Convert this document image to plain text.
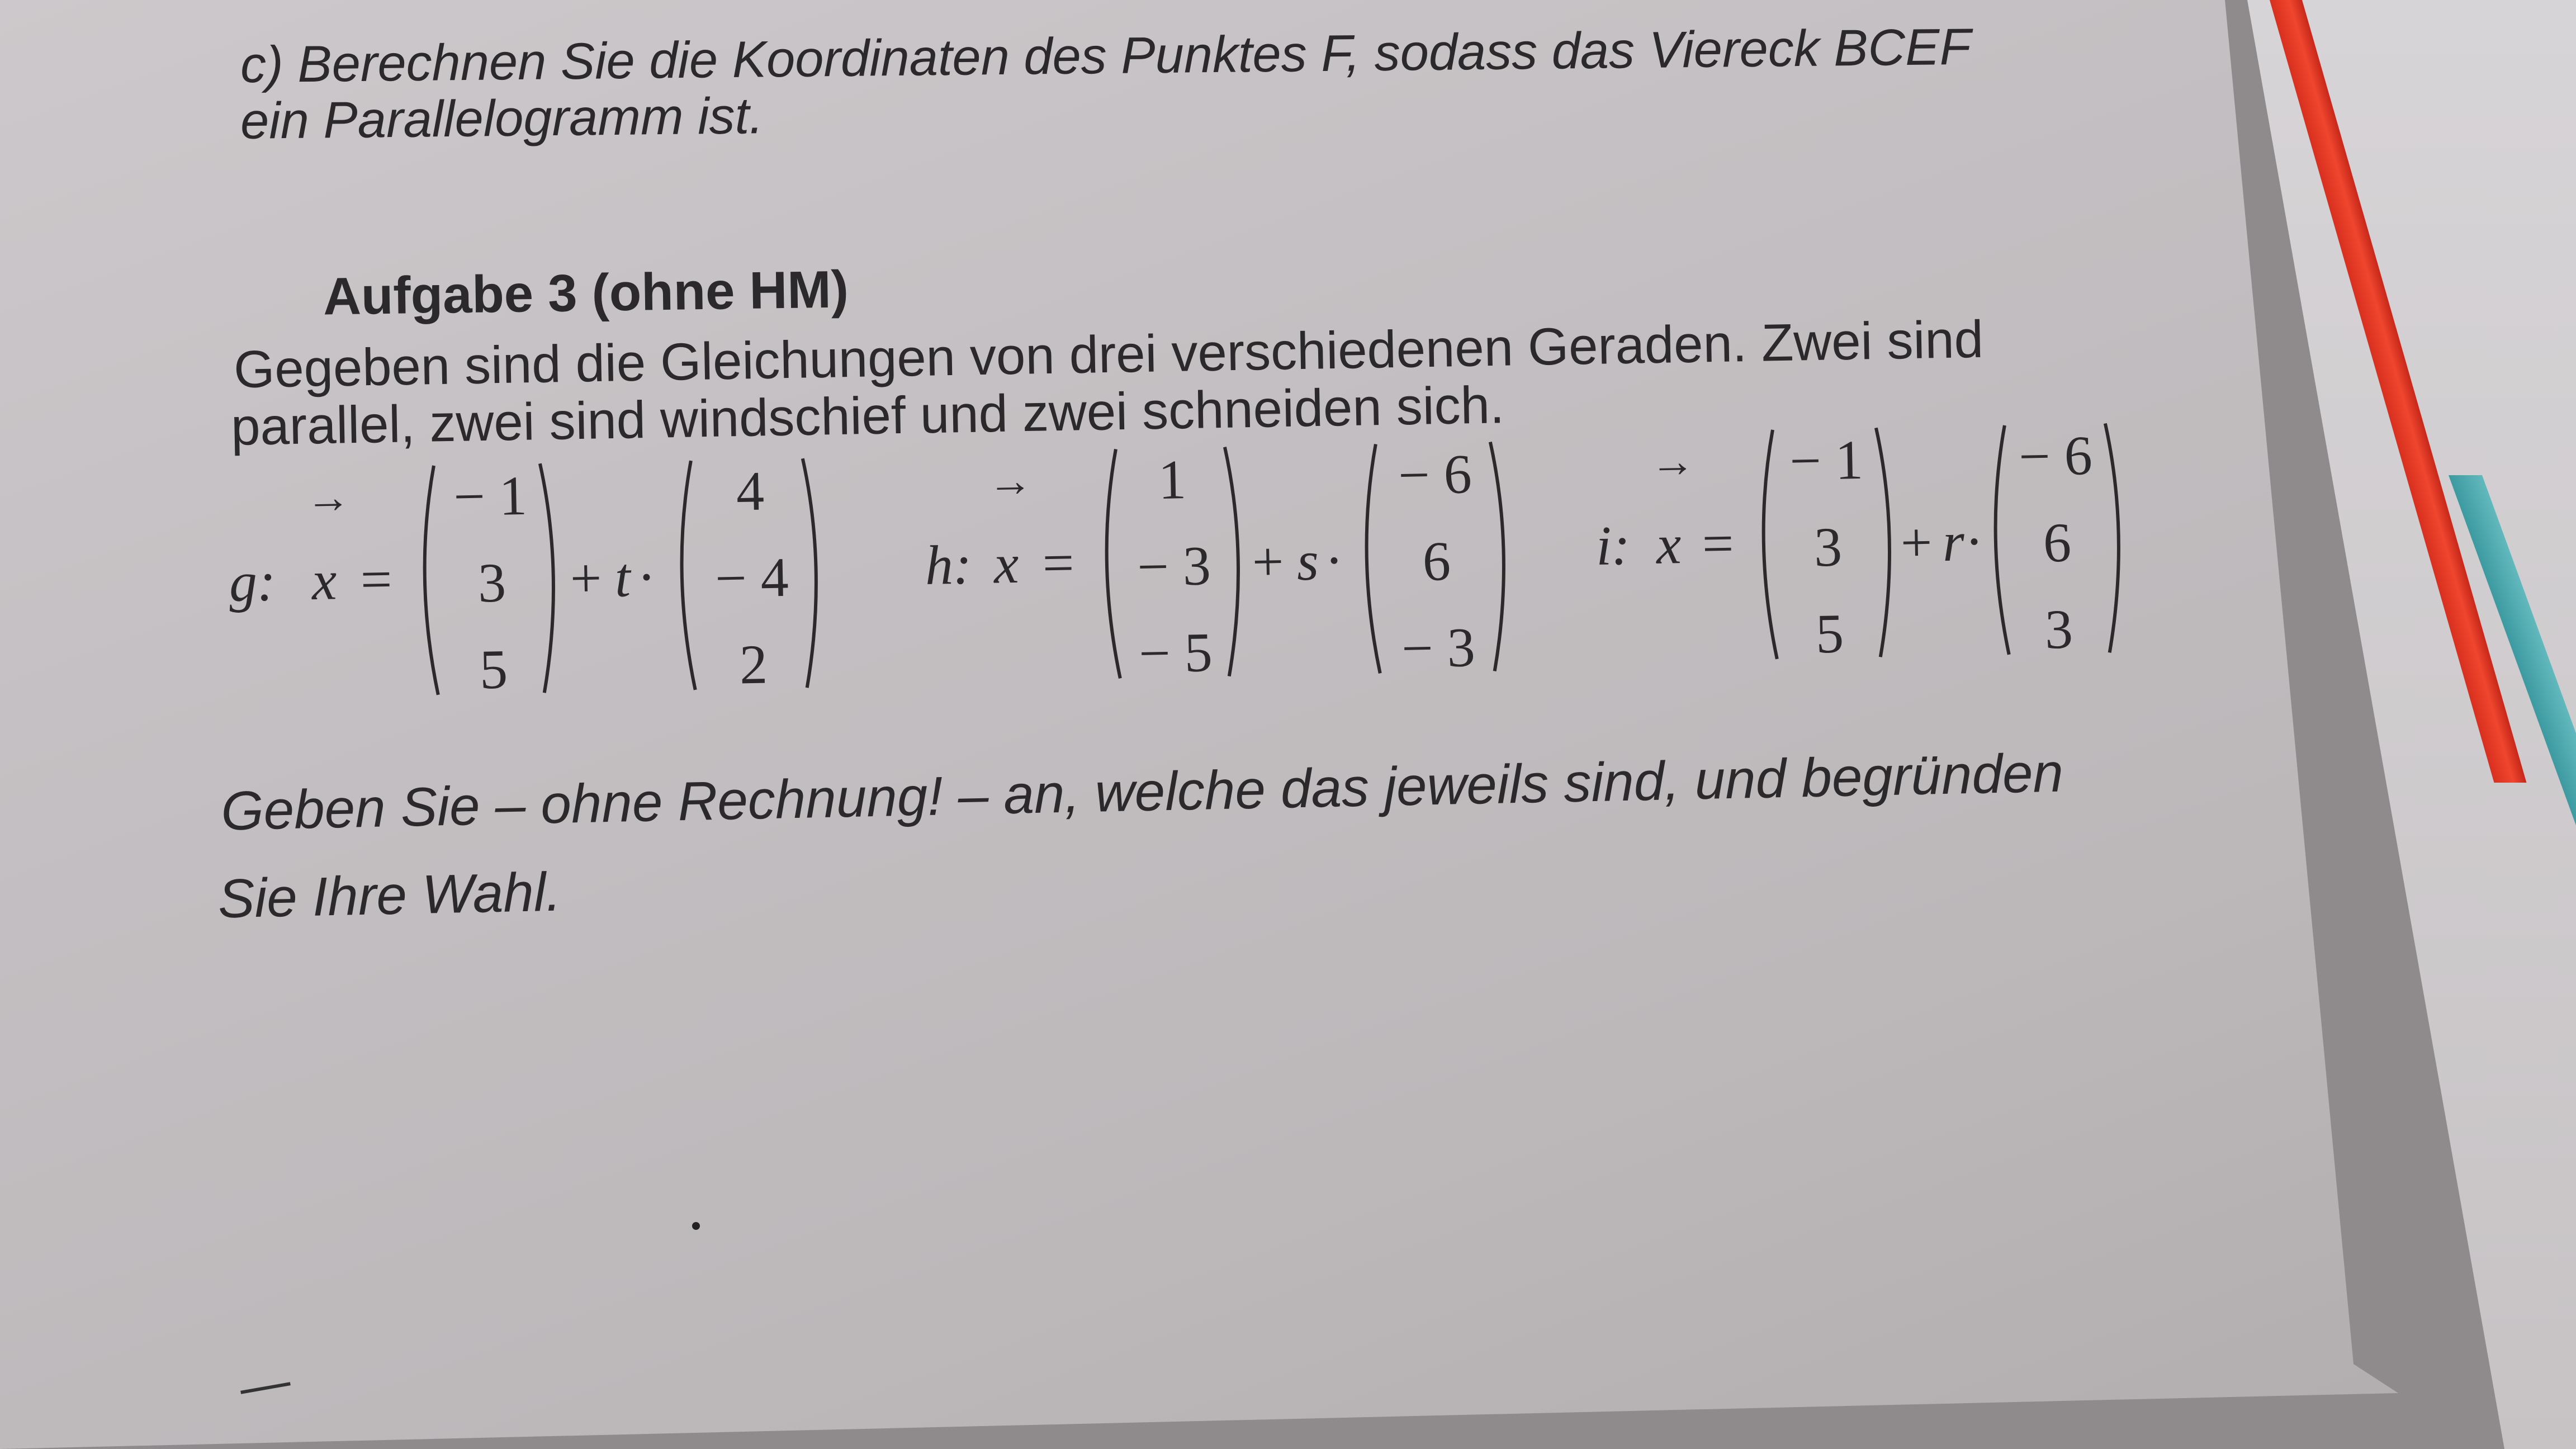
c) Berechnen Sie die Koordinaten des Punktes F, sodass das Viereck BCEF
ein Parallelogramm ist.
Aufgabe 3 (ohne HM)
Gegeben sind die Gleichungen von drei verschiedenen Geraden. Zwei sind
parallel, zwei sind windschief und zwei schneiden sich.
g:
→
x =
− 1
3
5
+ t ·
4
− 4
2
h:
→
x =
1
− 3
− 5
+ s ·
− 6
6
− 3
i:
→
x =
− 1
3
5
+ r
·
− 6
6
3
Geben Sie – ohne Rechnung! – an, welche das jeweils sind, und begründen
Sie Ihre Wahl.
